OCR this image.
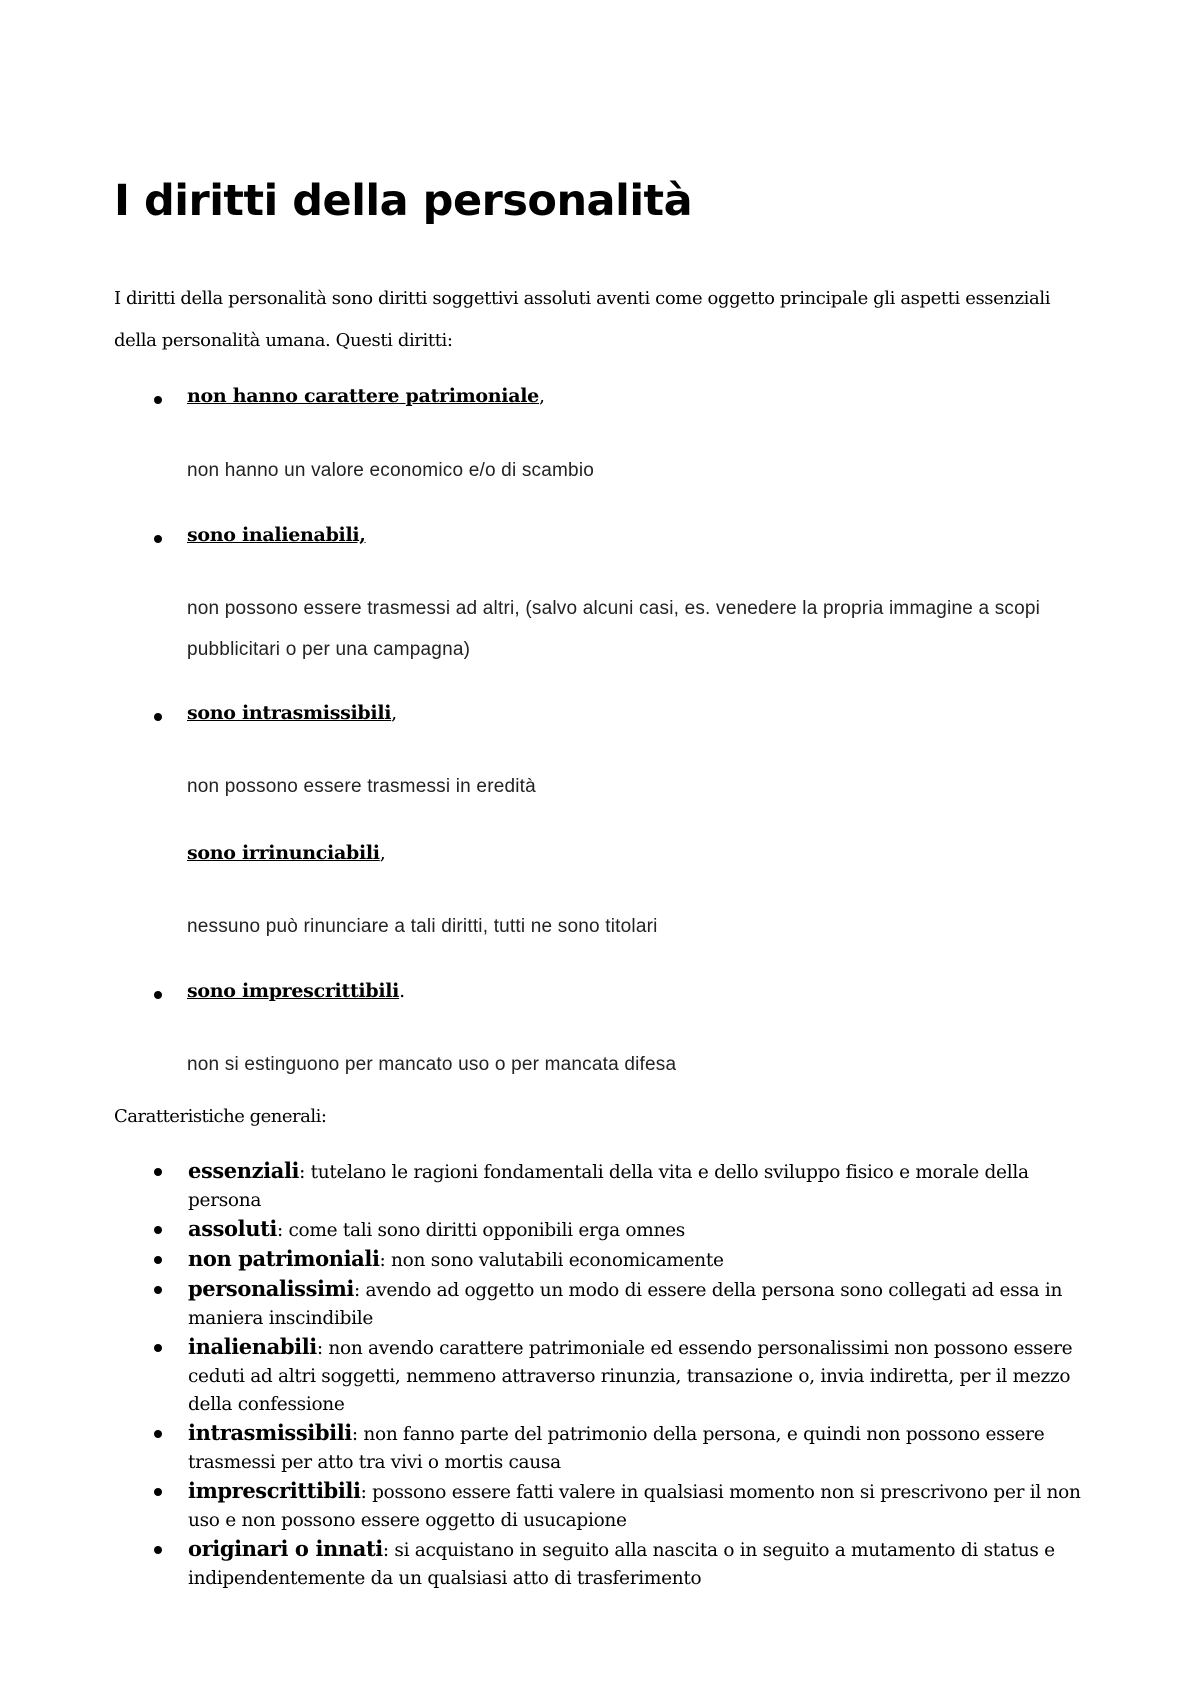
I diritti della personalità

I diritti della personalità sono diritti soggettivi assoluti aventi come oggetto principale gli aspetti essenziali della personalità umana. Questi diritti:

non hanno carattere patrimoniale,

non hanno un valore economico e/o di scambio

sono inalienabili,

non possono essere trasmessi ad altri, (salvo alcuni casi, es. venedere la propria immagine a scopi pubblicitari o per una campagna)

sono intrasmissibili,

non possono essere trasmessi in eredità

sono irrinunciabili,

nessuno può rinunciare a tali diritti, tutti ne sono titolari

sono imprescrittibili.

non si estinguono per mancato uso o per mancata difesa

Caratteristiche generali:

essenziali: tutelano le ragioni fondamentali della vita e dello sviluppo fisico e morale della persona
assoluti: come tali sono diritti opponibili erga omnes
non patrimoniali: non sono valutabili economicamente
personalissimi: avendo ad oggetto un modo di essere della persona sono collegati ad essa in maniera inscindibile
inalienabili: non avendo carattere patrimoniale ed essendo personalissimi non possono essere ceduti ad altri soggetti, nemmeno attraverso rinunzia, transazione o, invia indiretta, per il mezzo della confessione
intrasmissibili: non fanno parte del patrimonio della persona, e quindi non possono essere trasmessi per atto tra vivi o mortis causa
imprescrittibili: possono essere fatti valere in qualsiasi momento non si prescrivono per il non uso e non possono essere oggetto di usucapione
originari o innati: si acquistano in seguito alla nascita o in seguito a mutamento di status e indipendentemente da un qualsiasi atto di trasferimento
